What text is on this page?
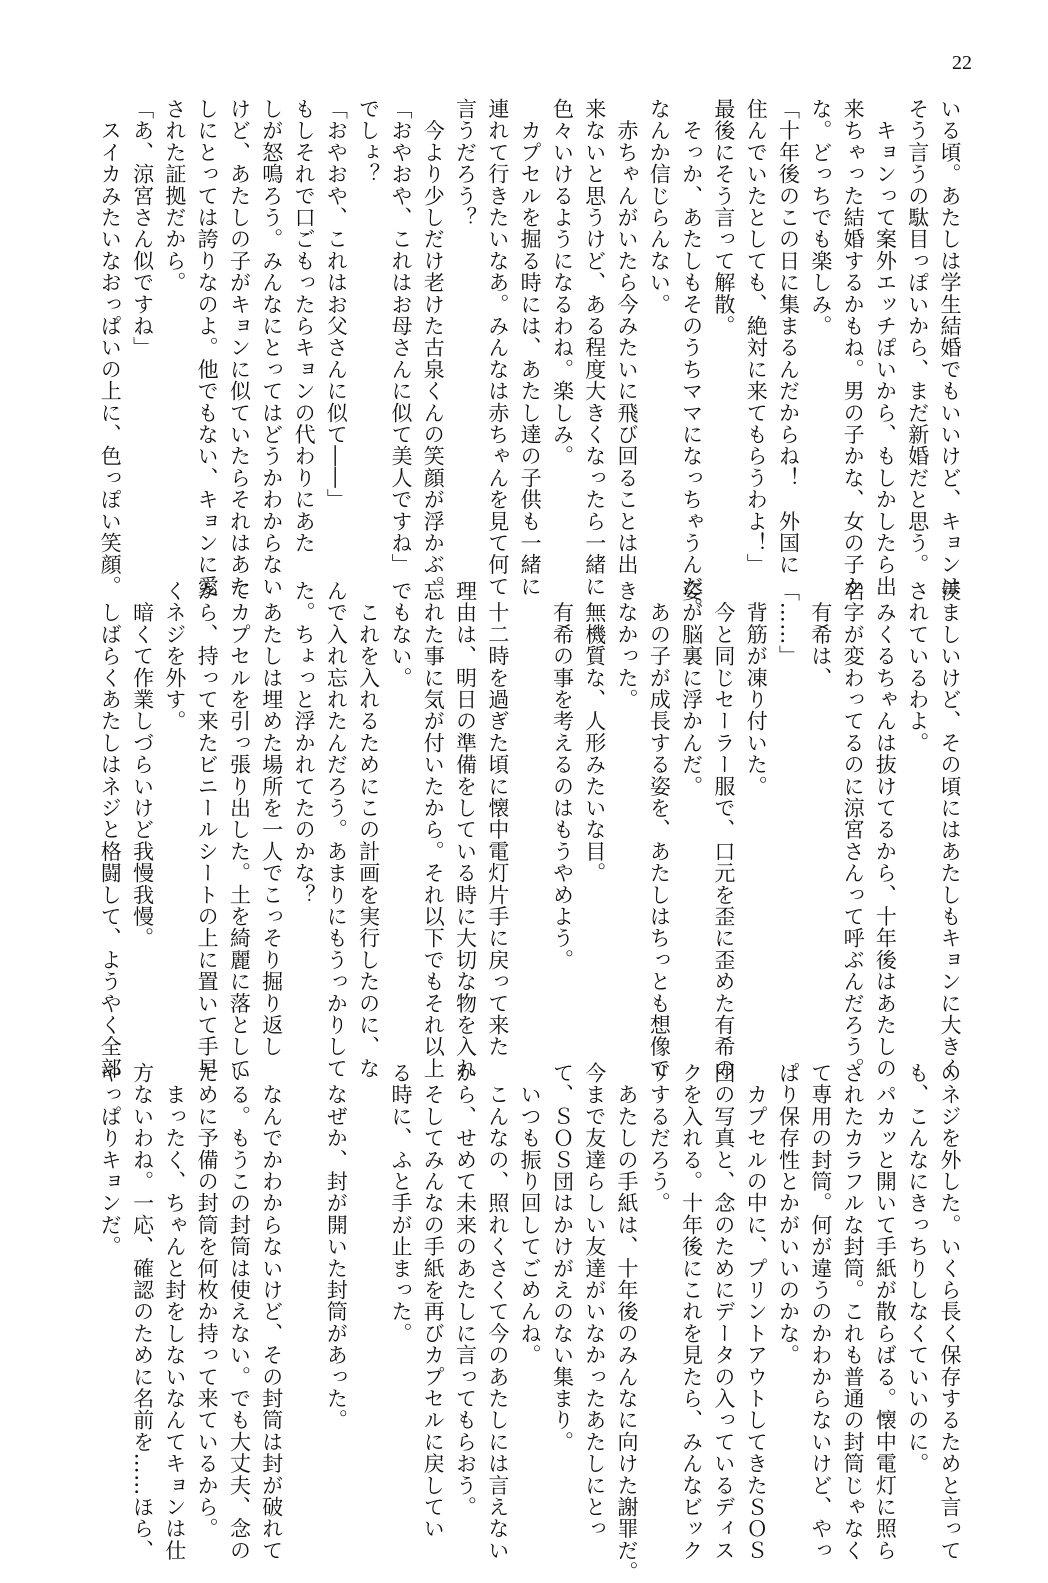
22
いる頃。あたしは学生結婚でもいいけど、キョンは
そう言うの駄目っぽいから、まだ新婚だと思う。
　キョンって案外エッチぽいから、もしかしたら出
来ちゃった結婚するかもね。男の子かな、女の子か
な。どっちでも楽しみ。
「十年後のこの日に集まるんだからね！　外国に
住んでいたとしても、絶対に来てもらうわよ！」
最後にそう言って解散。
　そっか、あたしもそのうちママになっちゃうんだ。
なんか信じらんない。
　赤ちゃんがいたら今みたいに飛び回ることは出
来ないと思うけど、ある程度大きくなったら一緒に
色々いけるようになるわね。楽しみ。
　カプセルを掘る時には、あたし達の子供も一緒に
連れて行きたいなあ。みんなは赤ちゃんを見て何て
言うだろう？
　今より少しだけ老けた古泉くんの笑顔が浮かぶ。
「おやおや、これはお母さんに似て美人ですね」
でしょ？
「おやおや、これはお父さんに似て――」
もしそれで口ごもったらキョンの代わりにあた
しが怒鳴ろう。みんなにとってはどうかわからない
けど、あたしの子がキョンに似ていたらそれはあた
しにとっては誇りなのよ。他でもない、キョンに愛
された証拠だから。
「あ、涼宮さん似ですね」
　スイカみたいなおっぱいの上に、色っぽい笑顔。
羨ましいけど、その頃にはあたしもキョンに大きく
されているわよ。
　みくるちゃんは抜けてるから、十年後はあたしの
名字が変わってるのに涼宮さんって呼ぶんだろう。
　有希は、
「……」
　背筋が凍り付いた。
　今と同じセーラー服で、口元を歪に歪めた有希の
姿が脳裏に浮かんだ。
　あの子が成長する姿を、あたしはちっとも想像で
きなかった。
　無機質な、人形みたいな目。
　有希の事を考えるのはもうやめよう。

　十二時を過ぎた頃に懐中電灯片手に戻って来た
理由は、明日の準備をしている時に大切な物を入れ
忘れた事に気が付いたから。それ以下でもそれ以上
でもない。
　これを入れるためにこの計画を実行したのに、な
んで入れ忘れたんだろう。あまりにもうっかりして
た。ちょっと浮かれてたのかな？
　あたしは埋めた場所を一人でこっそり掘り返し
てカプセルを引っ張り出した。土を綺麗に落として
から、持って来たビニールシートの上に置いて手早
くネジを外す。
　暗くて作業しづらいけど我慢我慢。
　しばらくあたしはネジと格闘して、ようやく全部
のネジを外した。いくら長く保存するためと言って
も、こんなにきっちりしなくていいのに。
　パカッと開いて手紙が散らばる。懐中電灯に照ら
されたカラフルな封筒。これも普通の封筒じゃなく
て専用の封筒。何が違うのかわからないけど、やっ
ぱり保存性とかがいいのかな。
　カプセルの中に、プリントアウトしてきたＳＯＳ
団の写真と、念のためにデータの入っているディス
クを入れる。十年後にこれを見たら、みんなビック
リするだろう。
　あたしの手紙は、十年後のみんなに向けた謝罪だ。
今まで友達らしい友達がいなかったあたしにとっ
て、ＳＯＳ団はかけがえのない集まり。
　いつも振り回してごめんね。
　こんなの、照れくさくて今のあたしには言えない
から、せめて未来のあたしに言ってもらおう。
　そしてみんなの手紙を再びカプセルに戻してい
る時に、ふと手が止まった。

　なぜか、封が開いた封筒があった。

　なんでかわからないけど、その封筒は封が破れて
いる。もうこの封筒は使えない。でも大丈夫、念の
ために予備の封筒を何枚か持って来ているから。
　まったく、ちゃんと封をしないなんてキョンは仕
方ないわね。一応、確認のために名前を……ほら、
やっぱりキョンだ。
